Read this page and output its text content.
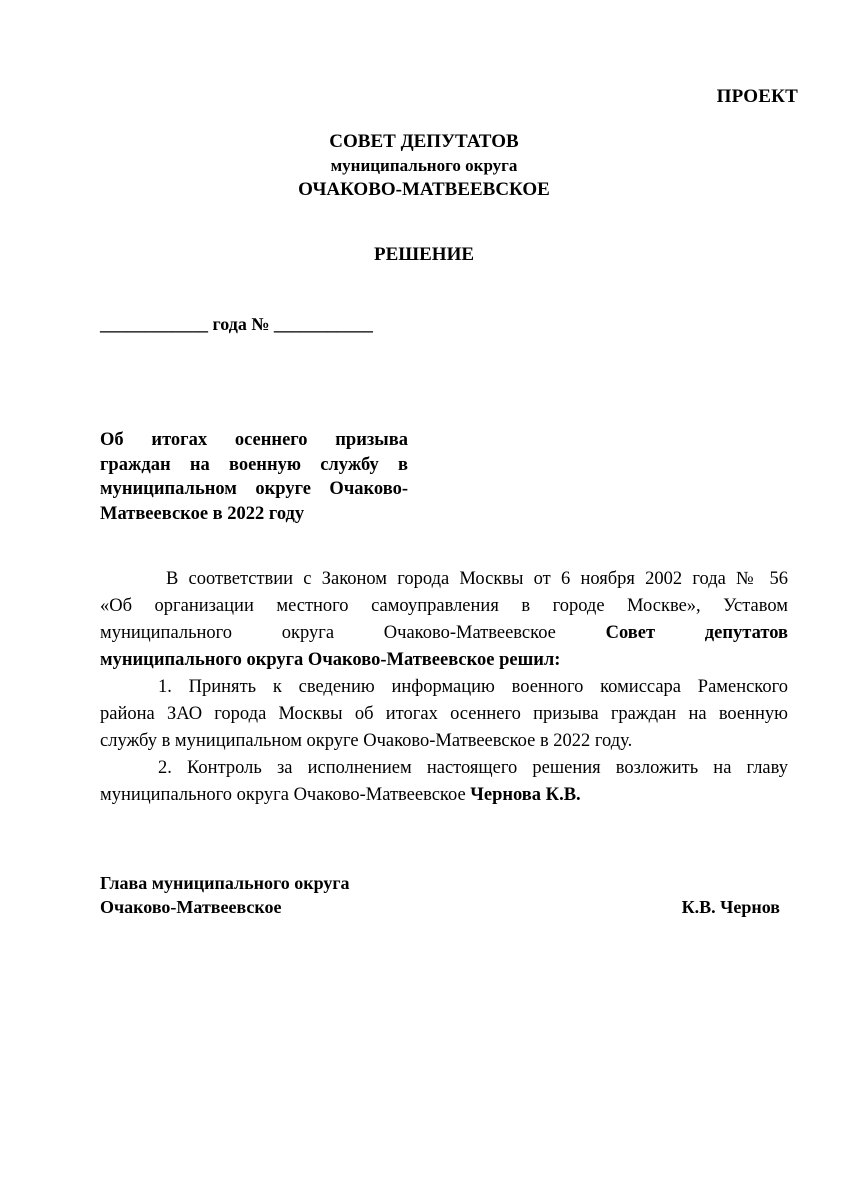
ПРОЕКТ
СОВЕТ ДЕПУТАТОВ
муниципального округа
ОЧАКОВО-МАТВЕЕВСКОЕ
РЕШЕНИЕ
____________ года № ___________
Об итогах осеннего призыва
граждан на военную службу в
муниципальном округе Очаково-
Матвеевское в 2022 году
В соответствии с Законом города Москвы от 6 ноября 2002 года № 56
«Об организации местного самоуправления в городе Москве», Уставом
муниципального округа Очаково-Матвеевское Совет депутатов
муниципального округа Очаково-Матвеевское решил:
1. Принять к сведению информацию военного комиссара Раменского
района ЗАО города Москвы об итогах осеннего призыва граждан на военную
службу в муниципальном округе Очаково-Матвеевское в 2022 году.
2. Контроль за исполнением настоящего решения возложить на главу
муниципального округа Очаково-Матвеевское Чернова К.В.
Глава муниципального округа
Очаково-Матвеевское	К.В. Чернов
